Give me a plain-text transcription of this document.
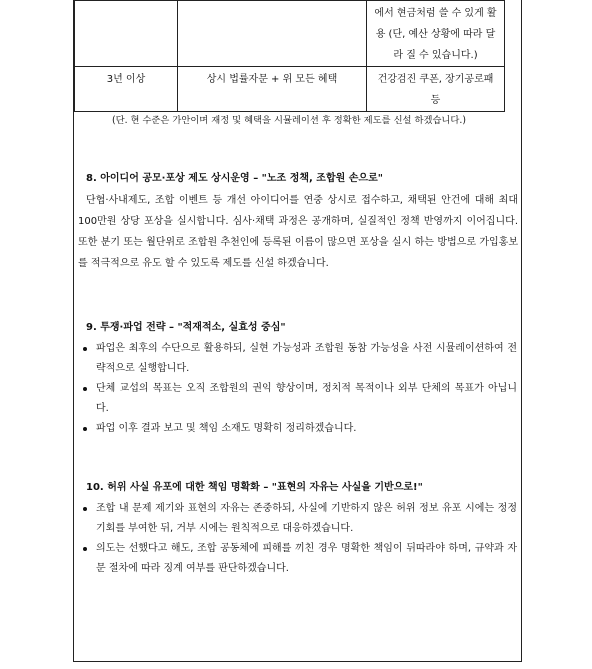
		에서 현금처럼 쓸 수 있게 활용 (단, 예산 상황에 따라 달라 질 수 있습니다.)
3년 이상	상시 법률자문 + 위 모든 혜택	건강검진 쿠폰, 장기공로패등
(단. 현 수준은 가안이며 재정 및 혜택을 시뮬레이션 후 정확한 제도를 신설 하겠습니다.)
8. 아이디어 공모·포상 제도 상시운영 – "노조 정책, 조합원 손으로"

단협·사내제도, 조합 이벤트 등 개선 아이디어를 연중 상시로 접수하고, 채택된 안건에 대해 최대 100만원 상당 포상을 실시합니다. 심사·채택 과정은 공개하며, 실질적인 정책 반영까지 이어집니다. 또한 분기 또는 월단위로 조합원 추천인에 등록된 이름이 많으면 포상을 실시 하는 방법으로 가입홍보를 적극적으로 유도 할 수 있도록 제도를 신설 하겠습니다.

9. 투쟁·파업 전략 – "적재적소, 실효성 중심"
파업은 최후의 수단으로 활용하되, 실현 가능성과 조합원 동참 가능성을 사전 시뮬레이션하여 전략적으로 실행합니다.
단체 교섭의 목표는 오직 조합원의 권익 향상이며, 정치적 목적이나 외부 단체의 목표가 아닙니다.
파업 이후 결과 보고 및 책임 소재도 명확히 정리하겠습니다.
10. 허위 사실 유포에 대한 책임 명확화 – "표현의 자유는 사실을 기반으로!"
조합 내 문제 제기와 표현의 자유는 존중하되, 사실에 기반하지 않은 허위 정보 유포 시에는 정정 기회를 부여한 뒤, 거부 시에는 원칙적으로 대응하겠습니다.
의도는 선했다고 해도, 조합 공동체에 피해를 끼친 경우 명확한 책임이 뒤따라야 하며, 규약과 자문 절차에 따라 징계 여부를 판단하겠습니다.
